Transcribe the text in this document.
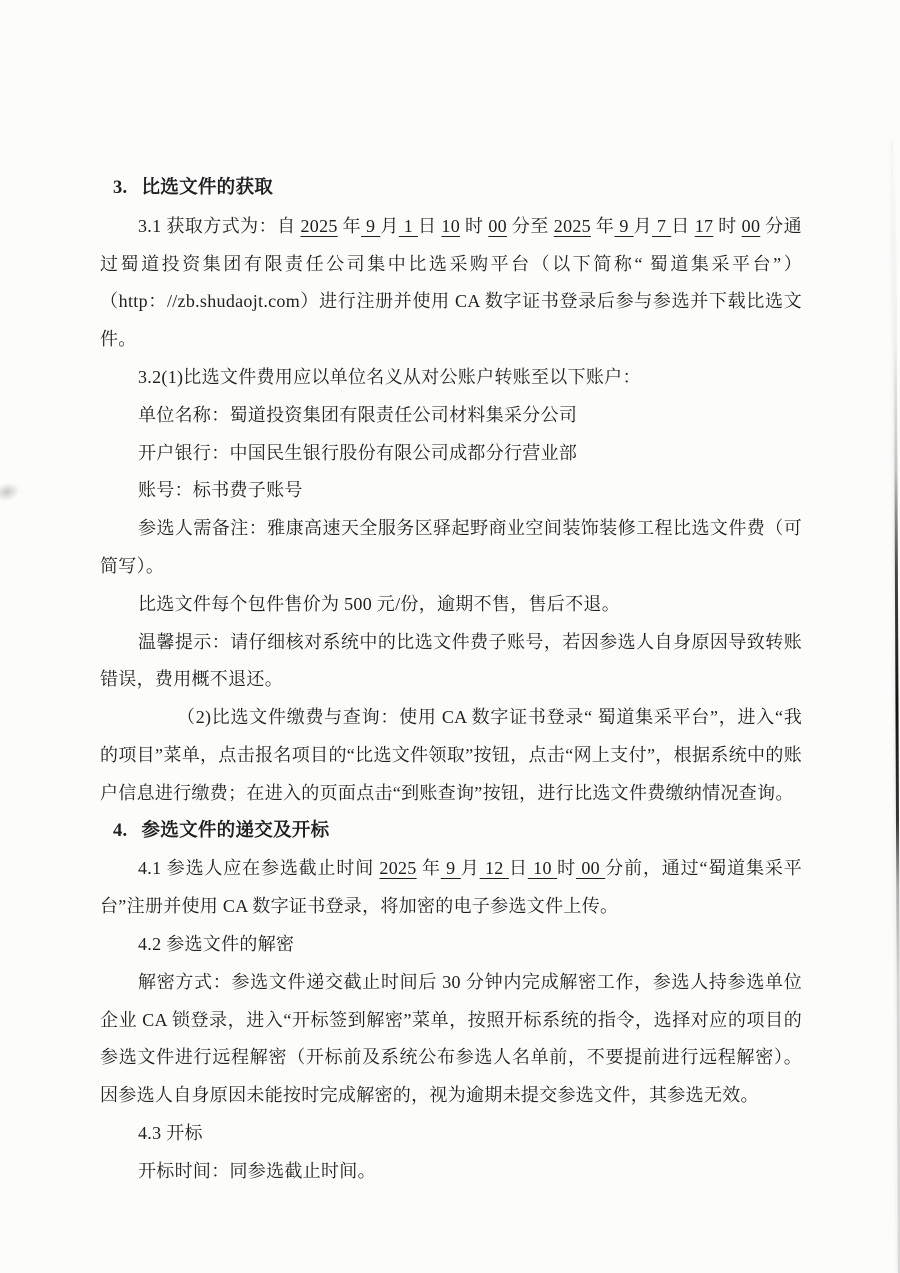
3. 比选文件的获取

3.1 获取方式为：自 2025 年 9 月 1 日 10 时 00 分至 2025 年 9 月 7 日 17 时 00 分通过蜀道投资集团有限责任公司集中比选采购平台（以下简称“ 蜀道集采平台”）（http：//zb.shudaojt.com）进行注册并使用 CA 数字证书登录后参与参选并下载比选文件。

3.2(1)比选文件费用应以单位名义从对公账户转账至以下账户：

单位名称：蜀道投资集团有限责任公司材料集采分公司

开户银行：中国民生银行股份有限公司成都分行营业部

账号：标书费子账号

参选人需备注：雅康高速天全服务区驿起野商业空间装饰装修工程比选文件费（可简写）。

比选文件每个包件售价为 500 元/份，逾期不售，售后不退。

温馨提示：请仔细核对系统中的比选文件费子账号，若因参选人自身原因导致转账错误，费用概不退还。

（2)比选文件缴费与查询：使用 CA 数字证书登录“ 蜀道集采平台”，进入“我的项目”菜单，点击报名项目的“比选文件领取”按钮，点击“网上支付”，根据系统中的账户信息进行缴费；在进入的页面点击“到账查询”按钮，进行比选文件费缴纳情况查询。

4. 参选文件的递交及开标

4.1 参选人应在参选截止时间 2025 年 9 月 12 日 10 时 00 分前，通过“蜀道集采平台”注册并使用 CA 数字证书登录，将加密的电子参选文件上传。

4.2 参选文件的解密

解密方式：参选文件递交截止时间后 30 分钟内完成解密工作，参选人持参选单位企业 CA 锁登录，进入“开标签到解密”菜单，按照开标系统的指令，选择对应的项目的参选文件进行远程解密（开标前及系统公布参选人名单前，不要提前进行远程解密）。因参选人自身原因未能按时完成解密的，视为逾期未提交参选文件，其参选无效。

4.3 开标

开标时间：同参选截止时间。
